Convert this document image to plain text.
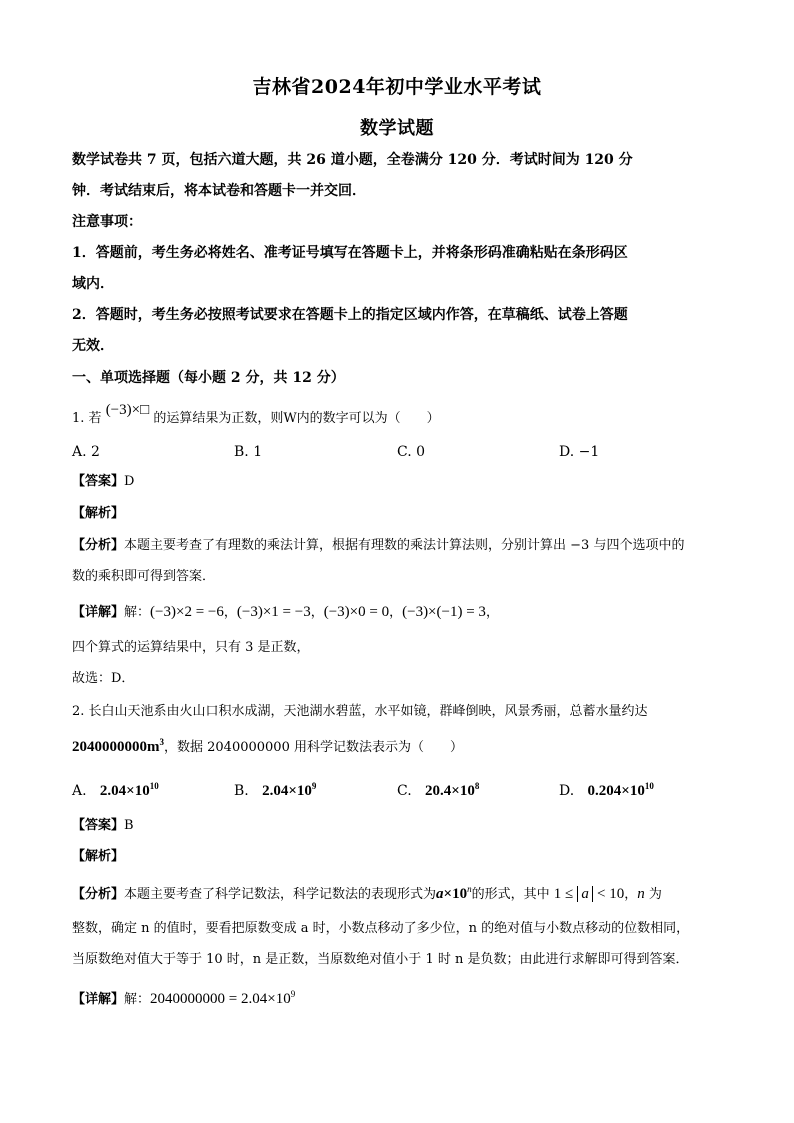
吉林省2024年初中学业水平考试
数学试题
数学试卷共 7 页，包括六道大题，共 26 道小题，全卷满分 120 分．考试时间为 120 分
钟．考试结束后，将本试卷和答题卡一并交回．
注意事项：
1．答题前，考生务必将姓名、准考证号填写在答题卡上，并将条形码准确粘贴在条形码区
域内．
2．答题时，考生务必按照考试要求在答题卡上的指定区域内作答，在草稿纸、试卷上答题
无效．
一、单项选择题（每小题 2 分，共 12 分）
1. 若 (−3)×□ 的运算结果为正数，则W内的数字可以为（　　）
A. 2	B. 1	C. 0	D. −1
【答案】D
【解析】
【分析】本题主要考查了有理数的乘法计算，根据有理数的乘法计算法则，分别计算出 −3 与四个选项中的
数的乘积即可得到答案．
【详解】解：(−3)×2 = −6，(−3)×1 = −3，(−3)×0 = 0，(−3)×(−1) = 3，
四个算式的运算结果中，只有 3 是正数，
故选：D．
2. 长白山天池系由火山口积水成湖，天池湖水碧蓝，水平如镜，群峰倒映，风景秀丽，总蓄水量约达
$2040000000m^3$，数据 2040000000 用科学记数法表示为（　　）
A. $2.04\times 10^{10}$	B. $2.04\times 10^9$	C. $20.4\times 10^8$	D. $0.204\times 10^{10}$
【答案】B
【解析】
【分析】本题主要考查了科学记数法，科学记数法的表现形式为$a\times 10^n$的形式，其中 1 ≤ a < 10，n 为
整数，确定 n 的值时，要看把原数变成 a 时，小数点移动了多少位，n 的绝对值与小数点移动的位数相同，
当原数绝对值大于等于 10 时，n 是正数，当原数绝对值小于 1 时 n 是负数；由此进行求解即可得到答案．
【详解】解：$2040000000 = 2.04\times 10^9$
